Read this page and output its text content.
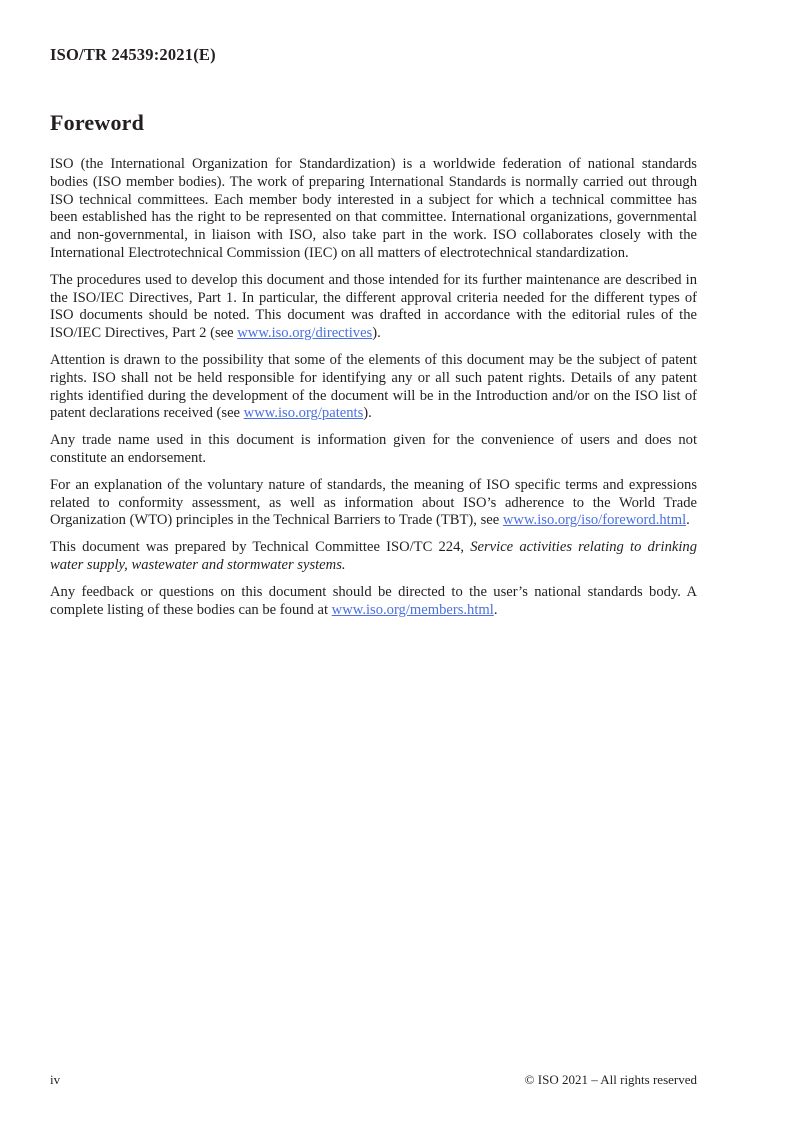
ISO/TR 24539:2021(E)
Foreword

ISO (the International Organization for Standardization) is a worldwide federation of national standards bodies (ISO member bodies). The work of preparing International Standards is normally carried out through ISO technical committees. Each member body interested in a subject for which a technical committee has been established has the right to be represented on that committee. International organizations, governmental and non-governmental, in liaison with ISO, also take part in the work. ISO collaborates closely with the International Electrotechnical Commission (IEC) on all matters of electrotechnical standardization.

The procedures used to develop this document and those intended for its further maintenance are described in the ISO/IEC Directives, Part 1. In particular, the different approval criteria needed for the different types of ISO documents should be noted. This document was drafted in accordance with the editorial rules of the ISO/IEC Directives, Part 2 (see www.iso.org/directives).

Attention is drawn to the possibility that some of the elements of this document may be the subject of patent rights. ISO shall not be held responsible for identifying any or all such patent rights. Details of any patent rights identified during the development of the document will be in the Introduction and/or on the ISO list of patent declarations received (see www.iso.org/patents).

Any trade name used in this document is information given for the convenience of users and does not constitute an endorsement.

For an explanation of the voluntary nature of standards, the meaning of ISO specific terms and expressions related to conformity assessment, as well as information about ISO’s adherence to the World Trade Organization (WTO) principles in the Technical Barriers to Trade (TBT), see www.iso.org/iso/foreword.html.

This document was prepared by Technical Committee ISO/TC 224, Service activities relating to drinking water supply, wastewater and stormwater systems.

Any feedback or questions on this document should be directed to the user’s national standards body. A complete listing of these bodies can be found at www.iso.org/members.html.

iv	© ISO 2021 – All rights reserved
